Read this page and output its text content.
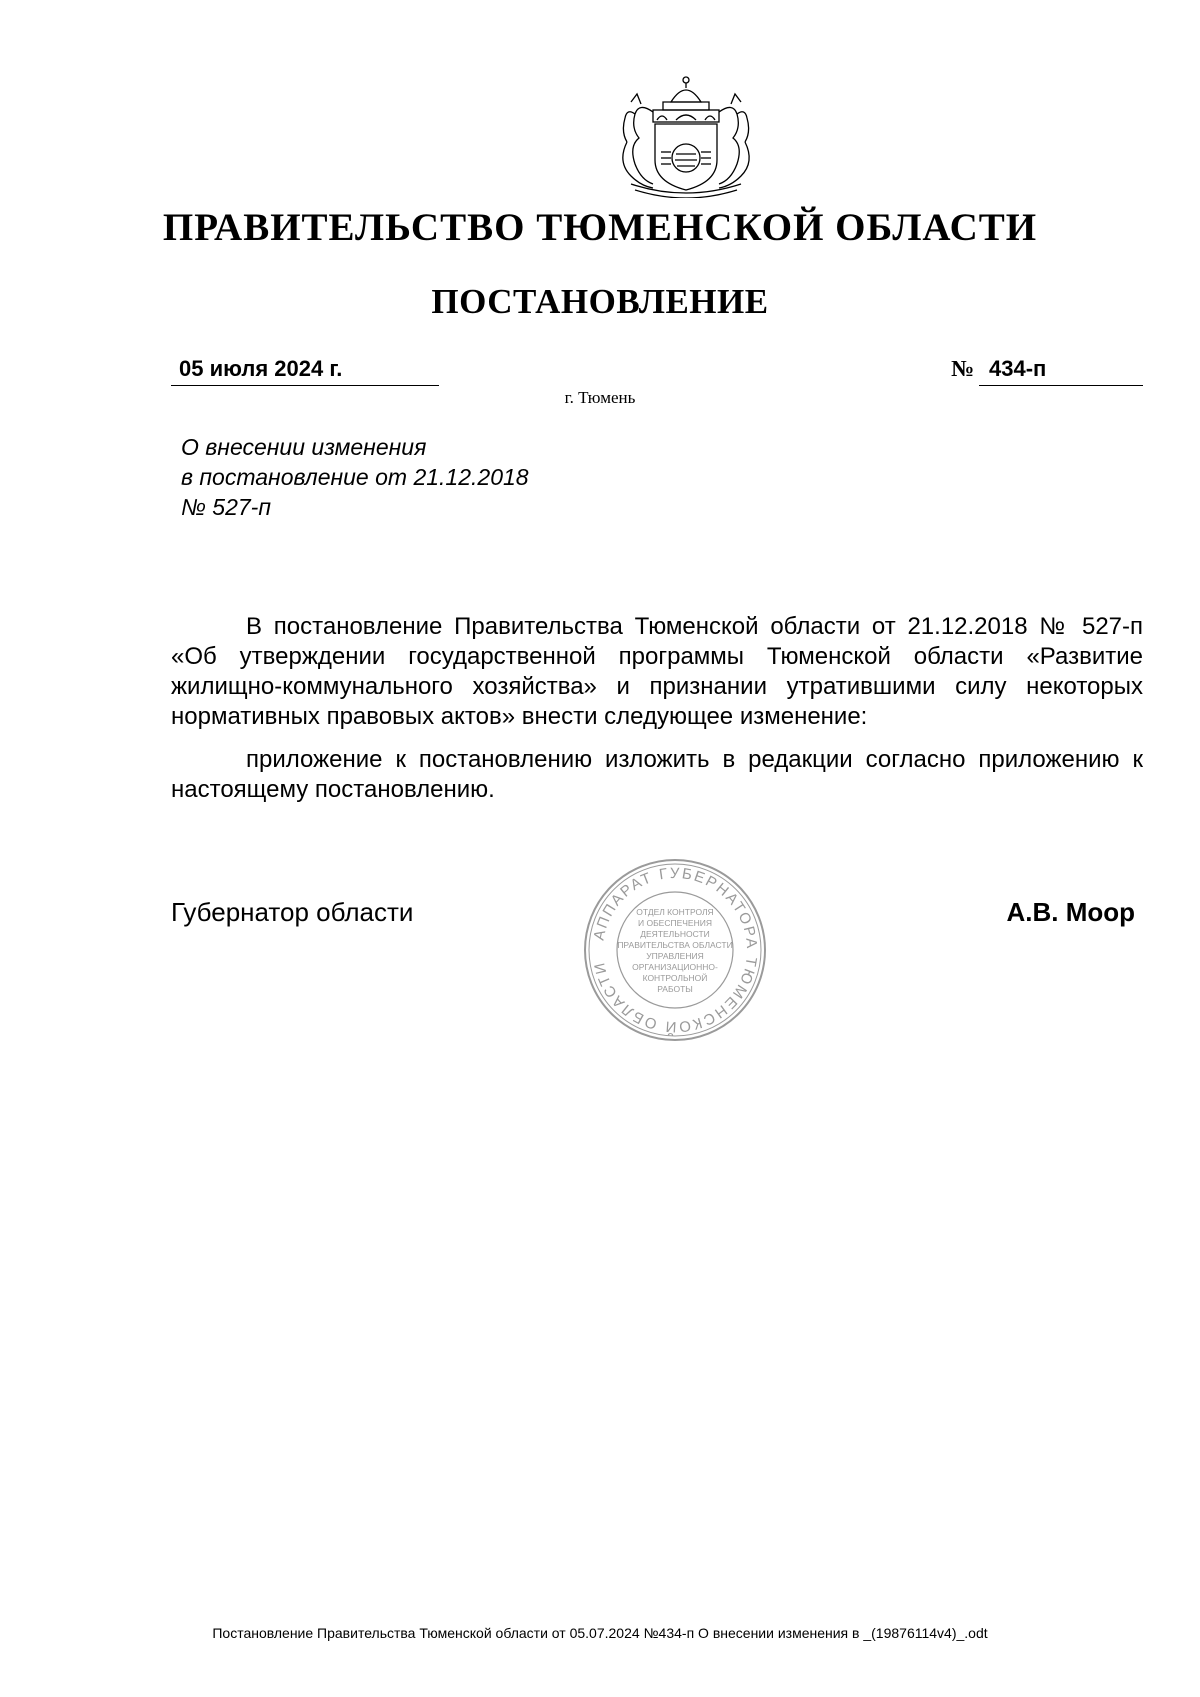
ПРАВИТЕЛЬСТВО ТЮМЕНСКОЙ ОБЛАСТИ
ПОСТАНОВЛЕНИЕ
05 июля 2024 г.	№ 434-п
г. Тюмень
О внесении изменения
в постановление от 21.12.2018
№ 527-п

В постановление Правительства Тюменской области от 21.12.2018 № 527-п «Об утверждении государственной программы Тюменской области «Развитие жилищно-коммунального хозяйства» и признании утратившими силу некоторых нормативных правовых актов» внести следующее изменение:

приложение к постановлению изложить в редакции согласно приложению к настоящему постановлению.

Губернатор области	А.В. Моор
АППАРАТ ГУБЕРНАТОРА ТЮМЕНСКОЙ ОБЛАСТИ
ОТДЕЛ КОНТРОЛЯ
И ОБЕСПЕЧЕНИЯ
ДЕЯТЕЛЬНОСТИ
ПРАВИТЕЛЬСТВА ОБЛАСТИ
УПРАВЛЕНИЯ
ОРГАНИЗАЦИОННО-
КОНТРОЛЬНОЙ
РАБОТЫ
Постановление Правительства Тюменской области от 05.07.2024 №434-п О внесении изменения в _(19876114v4)_.odt
